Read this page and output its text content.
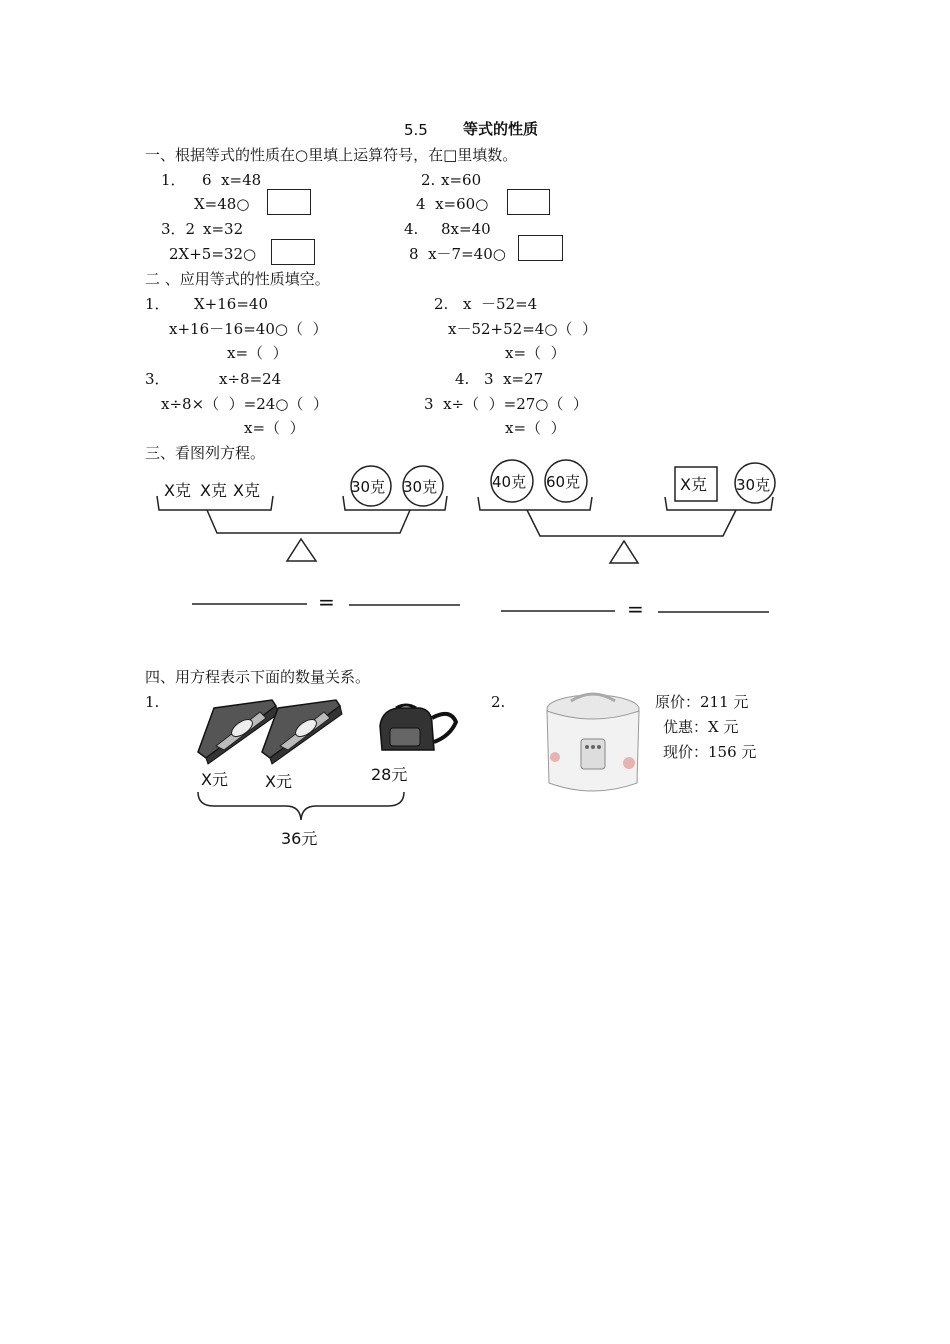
5.5 等式的性质
一、根据等式的性质在○里填上运算符号，在□里填数。
1． 6  x=48
X=48○
2. x=60
4  x=60○
3．2 x=32
2X+5=32○
4. 8x=40
8  x－7=40○
二 、应用等式的性质填空。
1． X+16=40
x+16－16=40○（  ）
x=（  ）
2. x  －52=4
x－52+52=4○（  ）
x=（  ）
3．	x÷8=24
x÷8×（  ）=24○（  ）
x=（  ）
4. 3  x=27
3  x÷（  ）=27○（  ）
x=（  ）
三、看图列方程。
X克 X克 X克	30克 30克	40克 60克	X克 30克
=	=
四、用方程表示下面的数量关系。
1.
X元 X元	28元
36元
2.	原价：211 元
优惠：X 元
现价：156 元
